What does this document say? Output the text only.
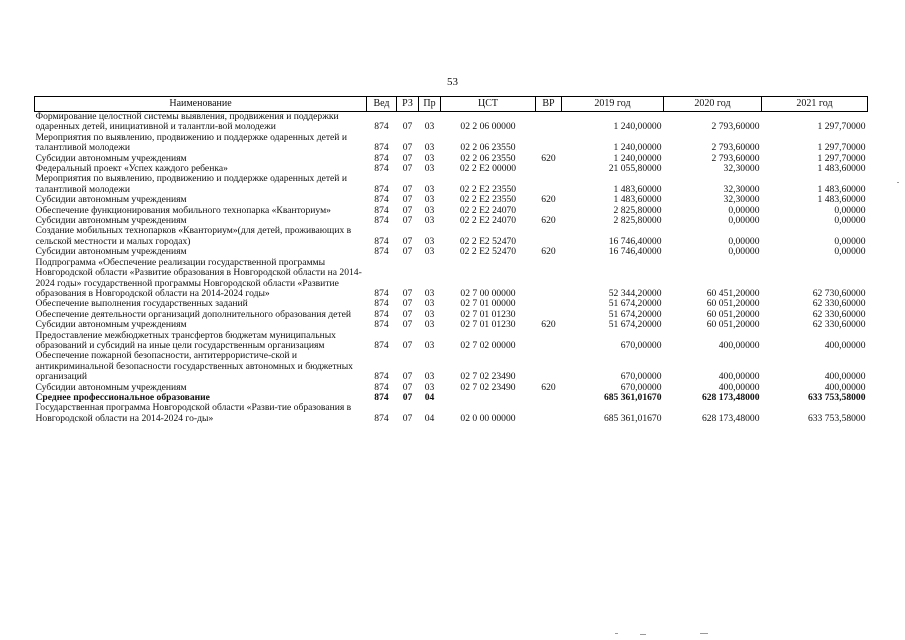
53
Наименование	Вед	РЗ	Пр	ЦСТ	ВР	2019 год	2020 год	2021 год
Формирование целостной системы выявления, продвижения и поддержки одаренных детей, инициативной и талантли-вой молодежи	874	07	03	02 2 06 00000		1 240,00000	2 793,60000	1 297,70000
Мероприятия по выявлению, продвижению и поддержке одаренных детей и талантливой молодежи	874	07	03	02 2 06 23550		1 240,00000	2 793,60000	1 297,70000
Субсидии автономным учреждениям	874	07	03	02 2 06 23550	620	1 240,00000	2 793,60000	1 297,70000
Федеральный проект «Успех каждого ребенка»	874	07	03	02 2 Е2 00000		21 055,80000	32,30000	1 483,60000
Мероприятия по выявлению, продвижению и поддержке одаренных детей и талантливой молодежи	874	07	03	02 2 Е2 23550		1 483,60000	32,30000	1 483,60000
Субсидии автономным учреждениям	874	07	03	02 2 Е2 23550	620	1 483,60000	32,30000	1 483,60000
Обеспечение функционирования мобильного технопарка «Кванториум»	874	07	03	02 2 Е2 24070		2 825,80000	0,00000	0,00000
Субсидии автономным учреждениям	874	07	03	02 2 Е2 24070	620	2 825,80000	0,00000	0,00000
Создание мобильных технопарков «Кванториум»(для детей, проживающих в сельской местности и малых городах)	874	07	03	02 2 Е2 52470		16 746,40000	0,00000	0,00000
Субсидии автономным учреждениям	874	07	03	02 2 Е2 52470	620	16 746,40000	0,00000	0,00000
Подпрограмма «Обеспечение реализации государственной программы Новгородской области «Развитие образования в Новгородской области на 2014-2024 годы» государственной программы Новгородской области «Развитие образования в Новгородской области на 2014-2024 годы»	874	07	03	02 7 00 00000		52 344,20000	60 451,20000	62 730,60000
Обеспечение выполнения государственных заданий	874	07	03	02 7 01 00000		51 674,20000	60 051,20000	62 330,60000
Обеспечение деятельности организаций дополнительного образования детей	874	07	03	02 7 01 01230		51 674,20000	60 051,20000	62 330,60000
Субсидии автономным учреждениям	874	07	03	02 7 01 01230	620	51 674,20000	60 051,20000	62 330,60000
Предоставление межбюджетных трансфертов бюджетам муниципальных образований и субсидий на иные цели государственным организациям	874	07	03	02 7 02 00000		670,00000	400,00000	400,00000
Обеспечение пожарной безопасности, антитеррористиче-ской и антикриминальной безопасности государственных автономных и бюджетных организаций	874	07	03	02 7 02 23490		670,00000	400,00000	400,00000
Субсидии автономным учреждениям	874	07	03	02 7 02 23490	620	670,00000	400,00000	400,00000
Среднее профессиональное образование	874	07	04			685 361,01670	628 173,48000	633 753,58000
Государственная программа Новгородской области «Разви-тие образования в Новгородской области на 2014-2024 го-ды»	874	07	04	02 0 00 00000		685 361,01670	628 173,48000	633 753,58000
